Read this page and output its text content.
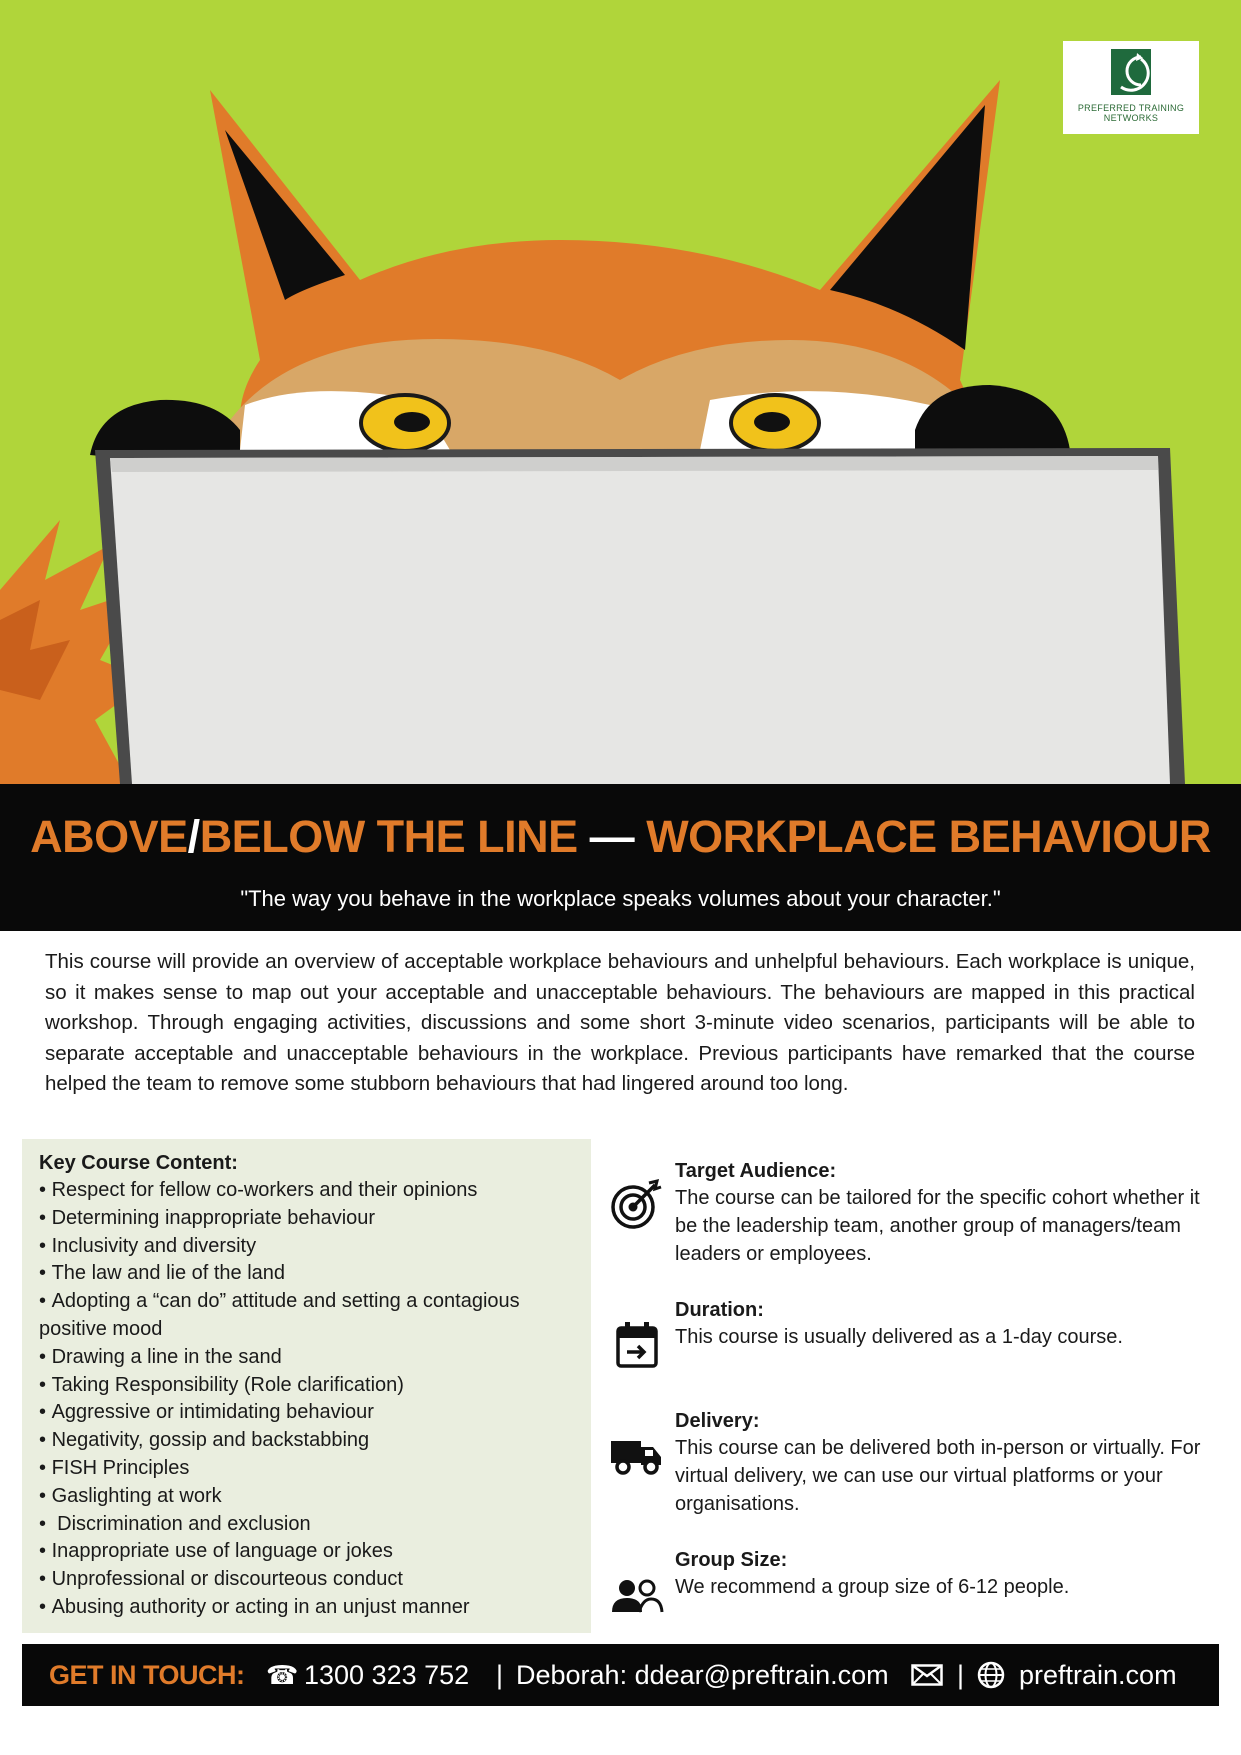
PREFERRED TRAINING
NETWORKS
ABOVE/BELOW THE LINE — WORKPLACE BEHAVIOUR
"The way you behave in the workplace speaks volumes about your character."

This course will provide an overview of acceptable workplace behaviours and unhelpful behaviours. Each workplace is unique, so it makes sense to map out your acceptable and unacceptable behaviours. The behaviours are mapped in this practical workshop. Through engaging activities, discussions and some short 3-minute video scenarios, participants will be able to separate acceptable and unacceptable behaviours in the workplace. Previous participants have remarked that the course helped the team to remove some stubborn behaviours that had lingered around too long.

Key Course Content:
• Respect for fellow co-workers and their opinions
• Determining inappropriate behaviour
• Inclusivity and diversity
• The law and lie of the land
• Adopting a “can do” attitude and setting a contagious positive mood
• Drawing a line in the sand
• Taking Responsibility (Role clarification)
• Aggressive or intimidating behaviour
• Negativity, gossip and backstabbing
• FISH Principles
• Gaslighting at work
•  Discrimination and exclusion
• Inappropriate use of language or jokes
• Unprofessional or discourteous conduct
• Abusing authority or acting in an unjust manner

Target Audience:

The course can be tailored for the specific cohort whether it be the leadership team, another group of managers/team leaders or employees.

Duration:

This course is usually delivered as a 1-day course.

Delivery:

This course can be delivered both in-person or virtually. For virtual delivery, we can use our virtual platforms or your organisations.

Group Size:

We recommend a group size of 6-12 people.

GET IN TOUCH: ☎ 1300 323 752 | Deborah: ddear@preftrain.com	| preftrain.com
